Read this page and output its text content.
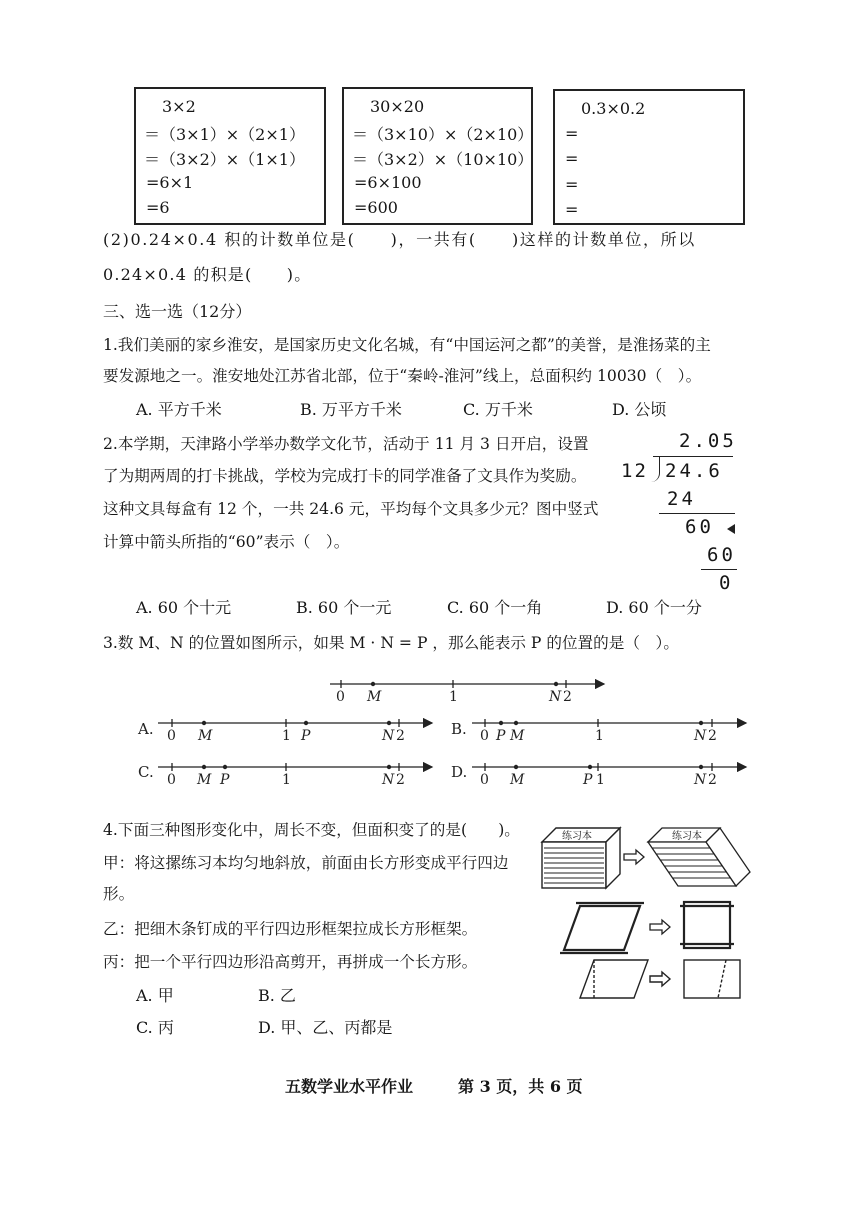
3×2
＝（3×1）×（2×1）
＝（3×2）×（1×1）
=6×1
=6
30×20
＝（3×10）×（2×10）
＝（3×2）×（10×10）
=6×100
=600
0.3×0.2
=
=
=
=
(2)0.24×0.4 积的计数单位是(　　)，一共有(　　)这样的计数单位，所以
0.24×0.4 的积是(　　)。
三、选一选（12分）
1.我们美丽的家乡淮安，是国家历史文化名城，有“中国运河之都”的美誉，是淮扬菜的主
要发源地之一。淮安地处江苏省北部，位于“秦岭-淮河”线上，总面积约 10030（　）。
A. 平方千米	B. 万平方千米	C. 万千米	D. 公顷
2.本学期，天津路小学举办数学文化节，活动于 11 月 3 日开启，设置
了为期两周的打卡挑战，学校为完成打卡的同学准备了文具作为奖励。
这种文具每盒有 12 个，一共 24.6 元，平均每个文具多少元？图中竖式
计算中箭头所指的“60”表示（　）。
2.05
12 24.6
24
60
60
0
A. 60 个十元	B. 60 个一元	C. 60 个一角	D. 60 个一分
3.数 M、N 的位置如图所示，如果 M · N = P ，那么能表示 P 的位置的是（　）。
0 M	1	N 2
A. 0 M	1 P	N 2	B. 0 P M	1	N 2
C. 0 M P	1	N 2	D. 0 M	P 1	N 2
4.下面三种图形变化中，周长不变，但面积变了的是(　　)。
甲：将这摞练习本均匀地斜放，前面由长方形变成平行四边
形。
乙：把细木条钉成的平行四边形框架拉成长方形框架。
丙：把一个平行四边形沿高剪开，再拼成一个长方形。
A. 甲	B. 乙
C. 丙	D. 甲、乙、丙都是
练习本	练习本
五数学业水平作业	第 3 页，共 6 页
